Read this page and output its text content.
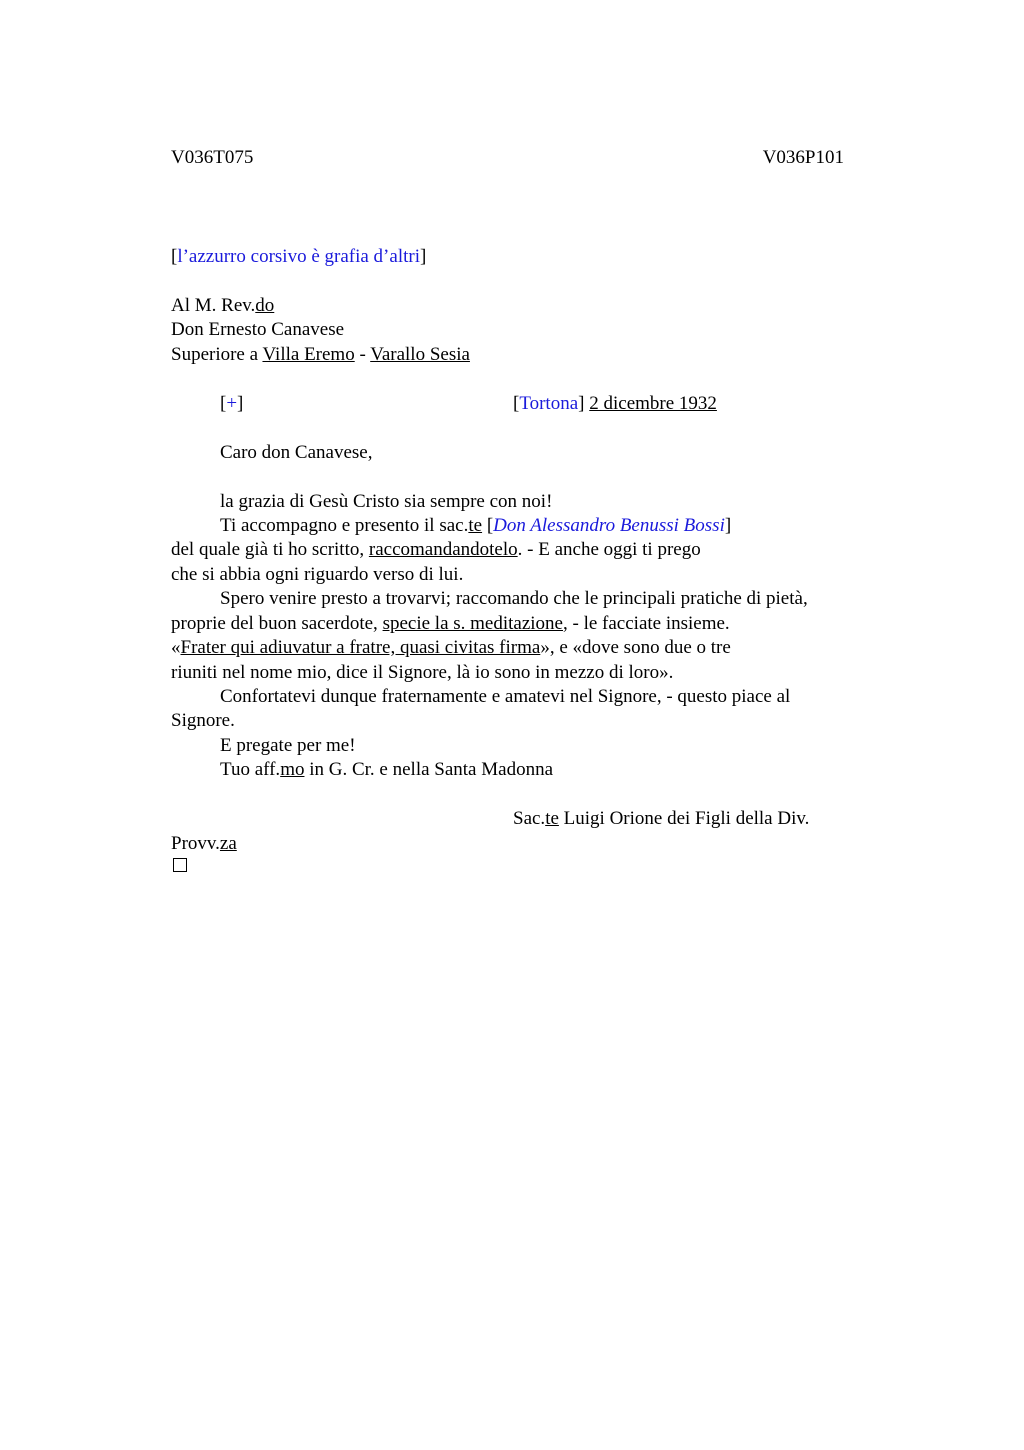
V036T075	V036P101
[l’azzurro corsivo è grafia d’altri]
Al M. Rev.do
Don Ernesto Canavese
Superiore a Villa Eremo - Varallo Sesia
[+]	[Tortona] 2 dicembre 1932
Caro don Canavese,
la grazia di Gesù Cristo sia sempre con noi!
Ti accompagno e presento il sac.te [Don Alessandro Benussi Bossi]
del quale già ti ho scritto, raccomandandotelo. - E anche oggi ti prego
che si abbia ogni riguardo verso di lui.
Spero venire presto a trovarvi; raccomando che le principali pratiche di pietà,
proprie del buon sacerdote, specie la s. meditazione, - le facciate insieme.
«Frater qui adiuvatur a fratre, quasi civitas firma», e «dove sono due o tre
riuniti nel nome mio, dice il Signore, là io sono in mezzo di loro».
Confortatevi dunque fraternamente e amatevi nel Signore, - questo piace al
Signore.
E pregate per me!
Tuo aff.mo in G. Cr. e nella Santa Madonna
Sac.te Luigi Orione dei Figli della Div.
Provv.za
